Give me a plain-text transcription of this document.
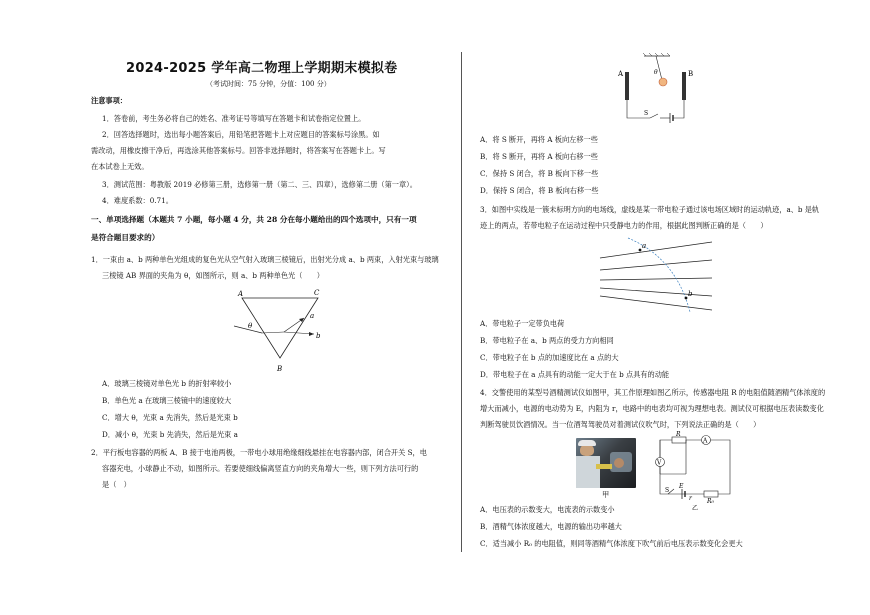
2024-2025 学年高二物理上学期期末模拟卷
（考试时间：75 分钟，分值：100 分）
注意事项：
1．答卷前，考生务必将自己的姓名、准考证号等填写在答题卡和试卷指定位置上。
2．回答选择题时，选出每小题答案后，用铅笔把答题卡上对应题目的答案标号涂黑。如
需改动，用橡皮擦干净后，再选涂其他答案标号。回答非选择题时，将答案写在答题卡上。写
在本试卷上无效。
3．测试范围：粤教版 2019 必修第三册，选修第一册（第二、三、四章），选修第二册（第一章）。
4．难度系数：0.71。
一、单项选择题（本题共 7 小题，每小题 4 分，共 28 分在每小题给出的四个选项中，只有一项
是符合题目要求的）
1．一束由 a、b 两种单色光组成的复色光从空气射入玻璃三棱镜后，出射光分成 a、b 两束，入射光束与玻璃
三棱镜 AB 界面的夹角为 θ，如图所示，则 a、b 两种单色光（　　）
A	C
B
θ
a
b
A．玻璃三棱镜对单色光 b 的折射率较小
B．单色光 a 在玻璃三棱镜中的速度较大
C．增大 θ，光束 a 先消失，然后是光束 b
D．减小 θ，光束 b 先消失，然后是光束 a
2．平行板电容器的两板 A、B 接于电池两极，一带电小球用绝缘细线悬挂在电容器内部，闭合开关 S，电
容器充电，小球静止不动，如图所示。若要使细线偏离竖直方向的夹角增大一些，则下列方法可行的
是（　）
A	B
θ
S
A．将 S 断开，再将 A 板向左移一些
B．将 S 断开，再将 A 板向右移一些
C．保持 S 闭合，将 B 板向下移一些
D．保持 S 闭合，将 B 板向右移一些
3．如图中实线是一簇未标明方向的电场线，虚线是某一带电粒子通过该电场区域时的运动轨迹，a、b 是轨
迹上的两点，若带电粒子在运动过程中只受静电力的作用，根据此图判断正确的是（　　）
a
b
A．带电粒子一定带负电荷
B．带电粒子在 a、b 两点的受力方向相同
C．带电粒子在 b 点的加速度比在 a 点的大
D．带电粒子在 a 点具有的动能一定大于在 b 点具有的动能
4．交警使用的某型号酒精测试仪如图甲，其工作原理如图乙所示，传感器电阻 R 的电阻值随酒精气体浓度的
增大而减小，电源的电动势为 E，内阻为 r，电路中的电表均可视为理想电表。测试仪可根据电压表读数变化
判断驾驶员饮酒情况。当一位酒驾驾驶员对着测试仪吹气时，下列说法正确的是（　　）
甲
R
A
V
S
E
r	R₀
乙
A．电压表的示数变大，电流表的示数变小
B．酒精气体浓度越大，电源的输出功率越大
C．适当减小 R₀ 的电阻值，则同等酒精气体浓度下吹气前后电压表示数变化会更大
